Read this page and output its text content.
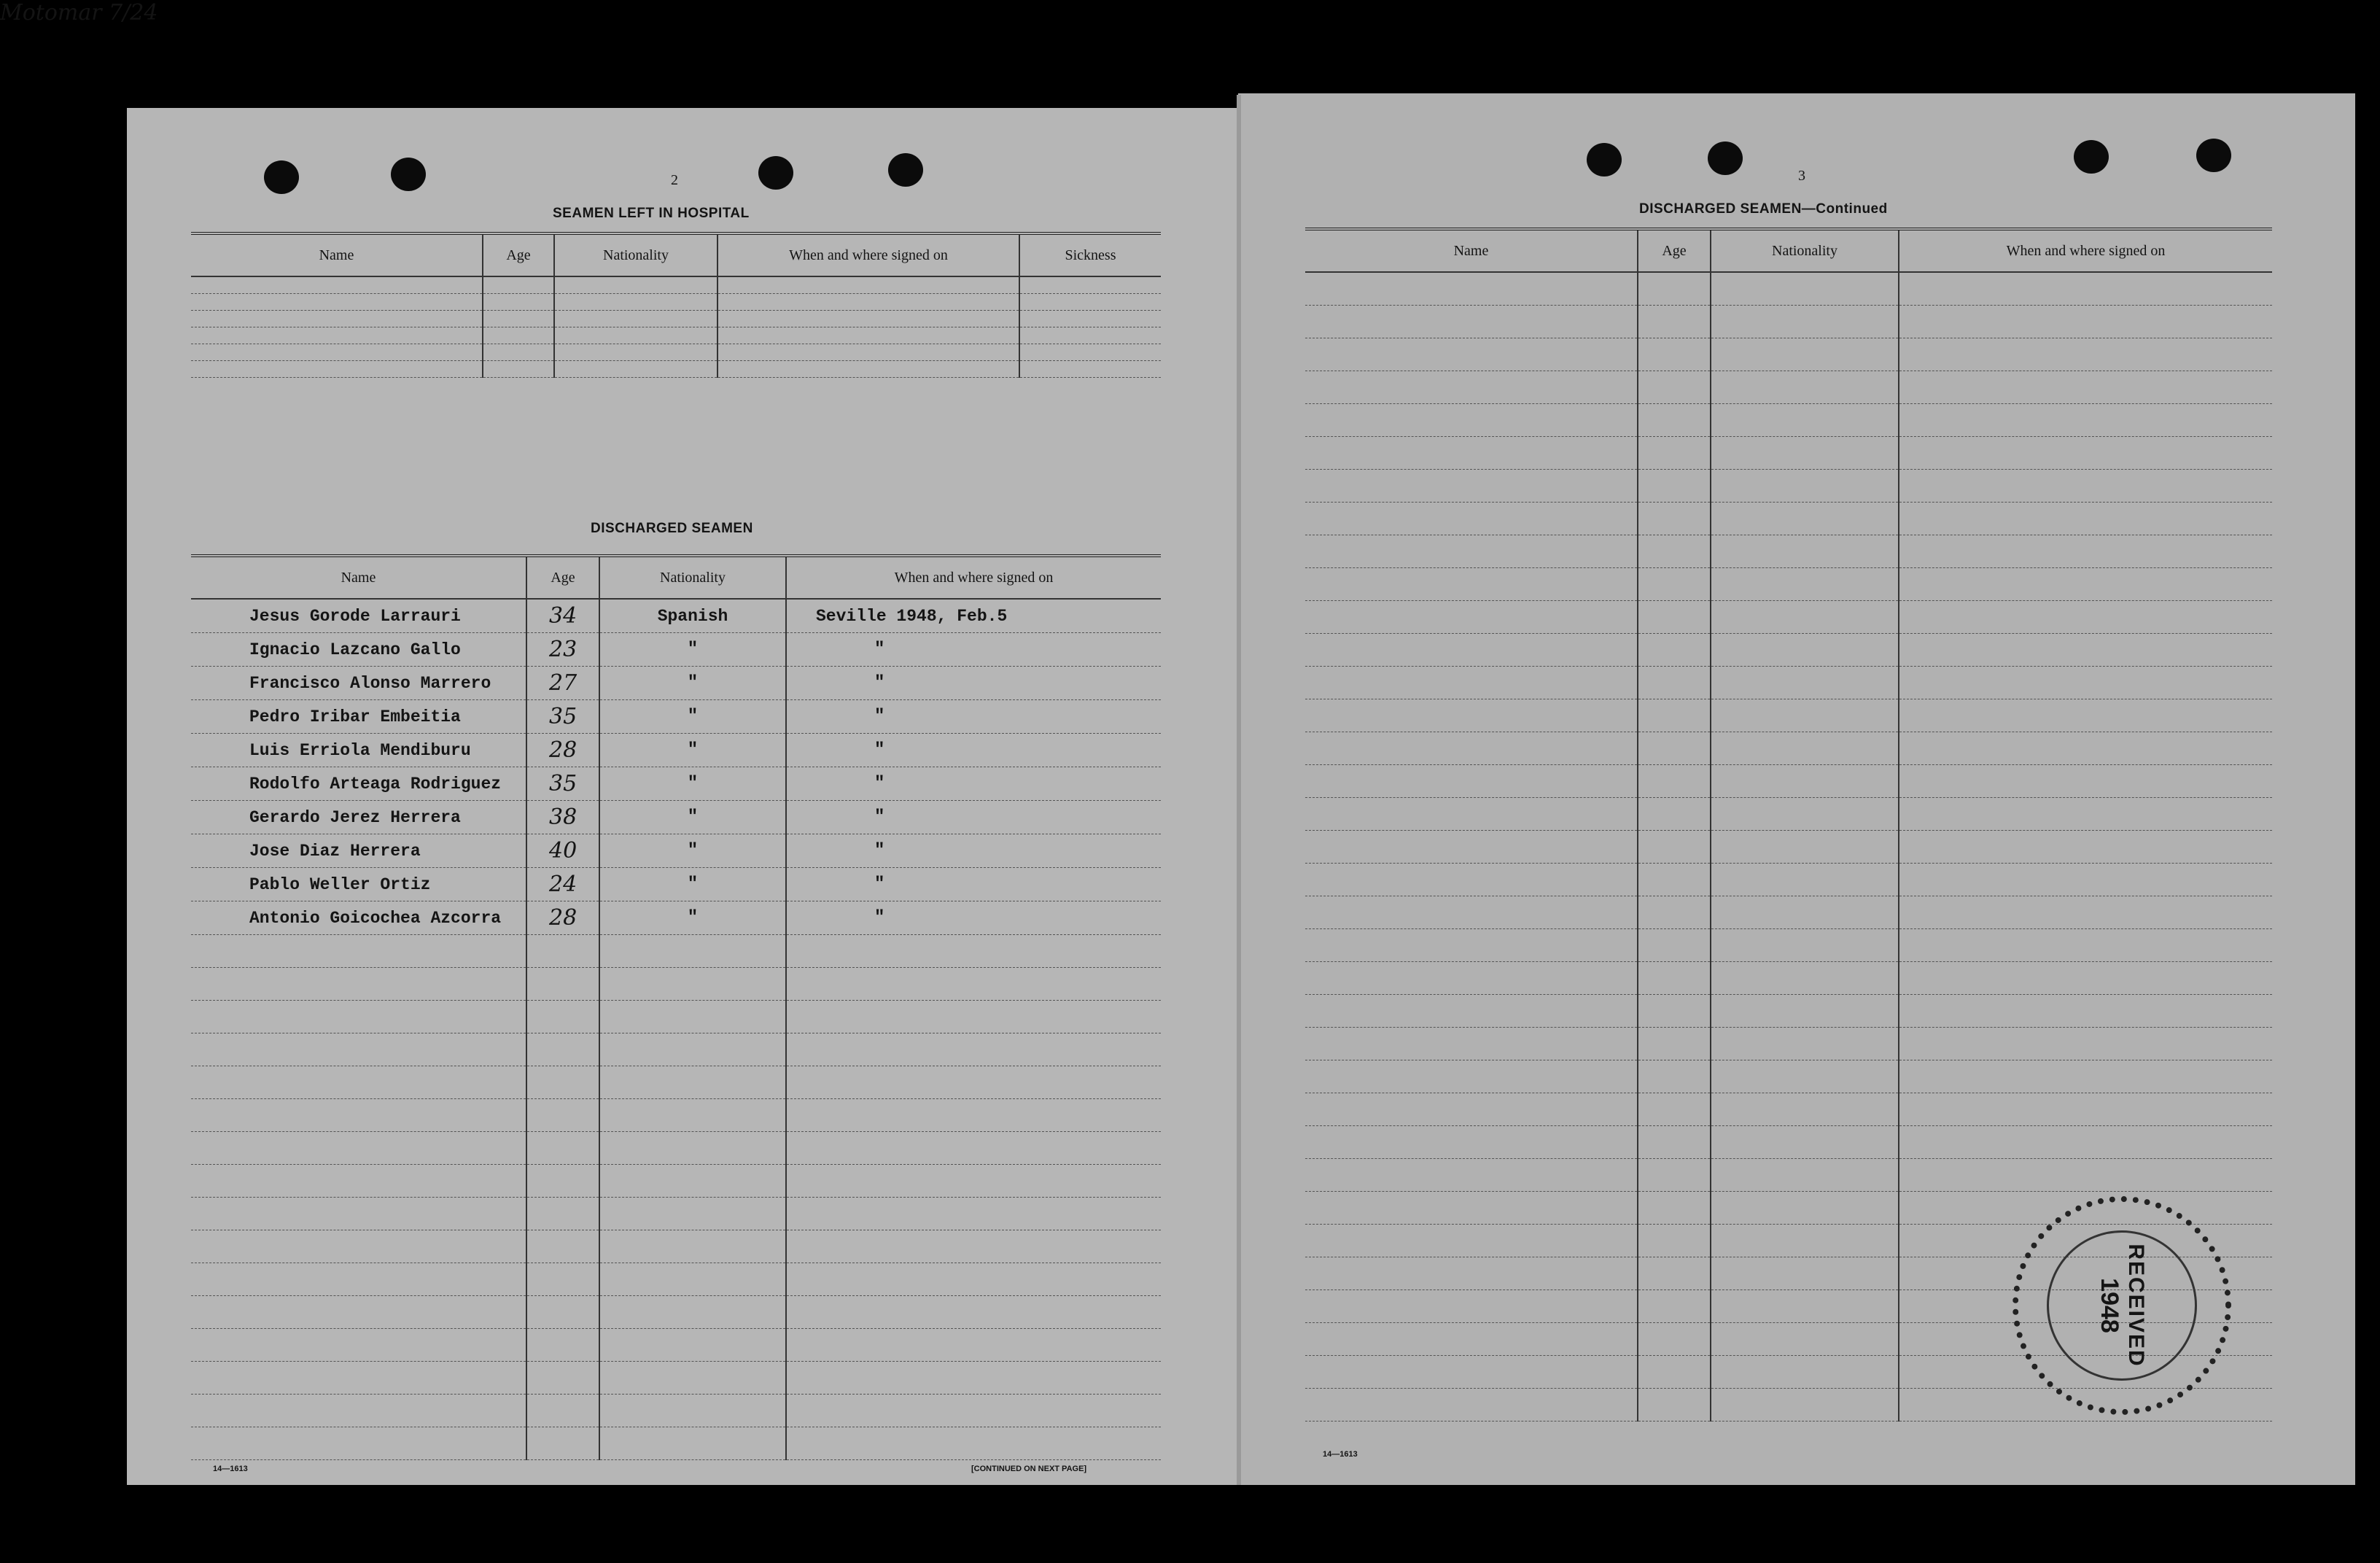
2
SEAMEN LEFT IN HOSPITAL
Name	Age	Nationality	When and where signed on	Sickness

Motomar 7/24
DISCHARGED SEAMEN
Name	Age	Nationality	When and where signed on
Jesus Gorode Larrauri	34	Spanish	Seville 1948, Feb.5
Ignacio Lazcano Gallo	23	"	"
Francisco Alonso Marrero	27	"	"
Pedro Iribar Embeitia	35	"	"
Luis Erriola Mendiburu	28	"	"
Rodolfo Arteaga Rodriguez	35	"	"
Gerardo Jerez Herrera	38	"	"
Jose Diaz Herrera	40	"	"
Pablo Weller Ortiz	24	"	"
Antonio Goicochea Azcorra	28	"	"

14—1613	[CONTINUED ON NEXT PAGE]
3
DISCHARGED SEAMEN—Continued
Name	Age	Nationality	When and where signed on

14—1613
RECEIVED
1948
